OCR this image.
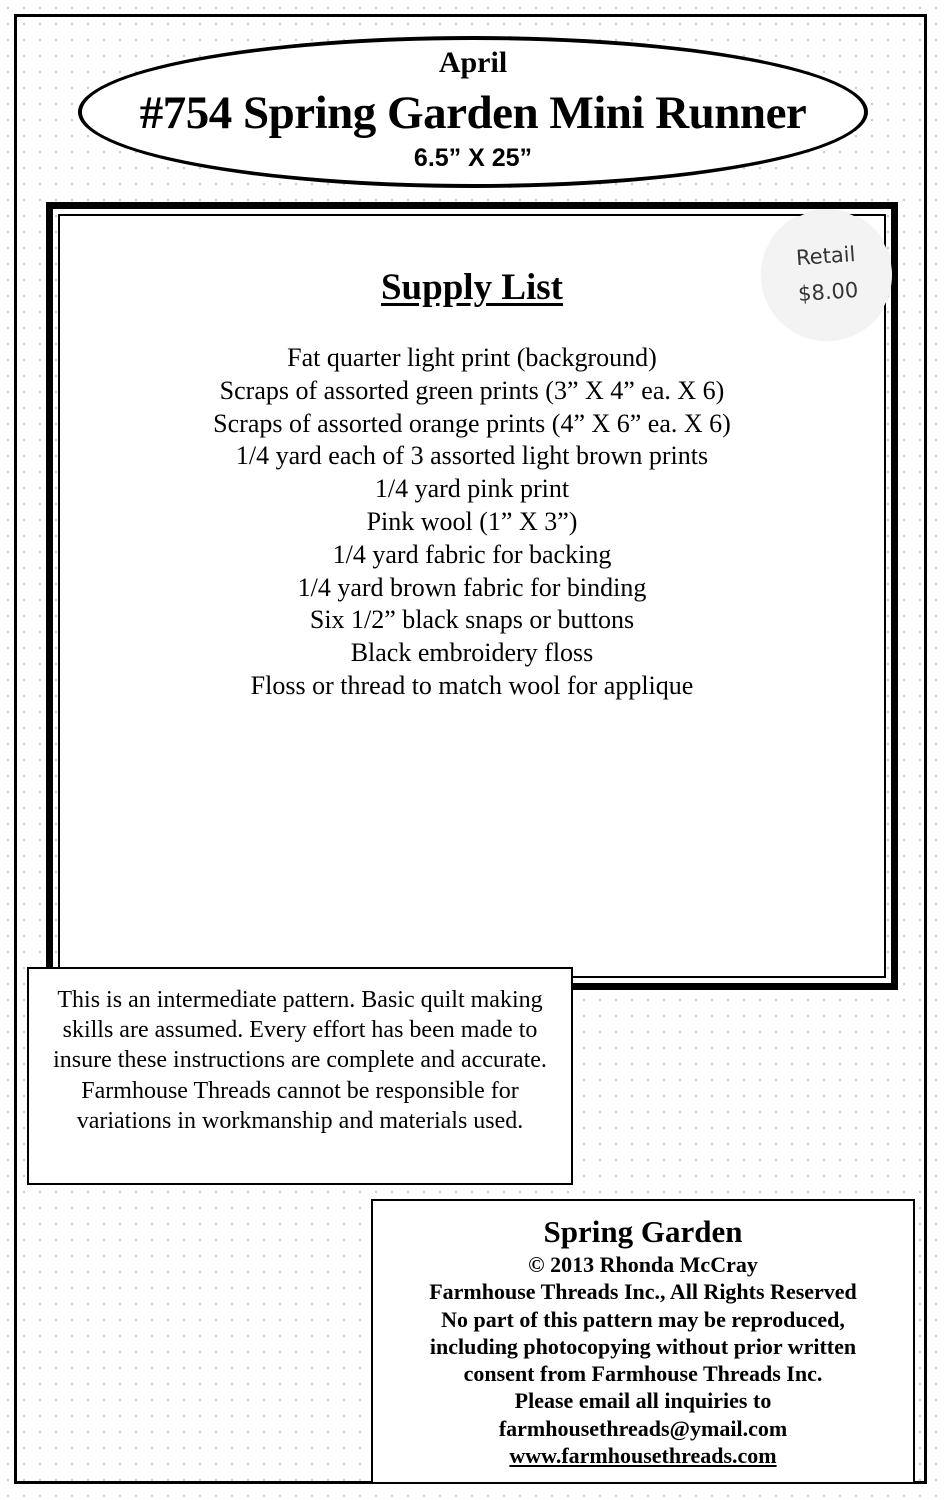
April
#754 Spring Garden Mini Runner
6.5” X 25”
Supply List
Fat quarter light print (background)
Scraps of assorted green prints (3” X 4” ea. X 6)
Scraps of assorted orange prints (4” X 6” ea. X 6)
1/4 yard each of 3 assorted light brown prints
1/4 yard pink print
Pink wool (1” X 3”)
1/4 yard fabric for backing
1/4 yard brown fabric for binding
Six 1/2” black snaps or buttons
Black embroidery floss
Floss or thread to match wool for applique
Retail
$8.00
This is an intermediate pattern. Basic quilt making skills are assumed. Every effort has been made to insure these instructions are complete and accurate. Farmhouse Threads cannot be responsible for variations in workmanship and materials used.
Spring Garden
© 2013 Rhonda McCray
Farmhouse Threads Inc., All Rights Reserved
No part of this pattern may be reproduced,
including photocopying without prior written
consent from Farmhouse Threads Inc.
Please email all inquiries to
farmhousethreads@ymail.com
www.farmhousethreads.com
